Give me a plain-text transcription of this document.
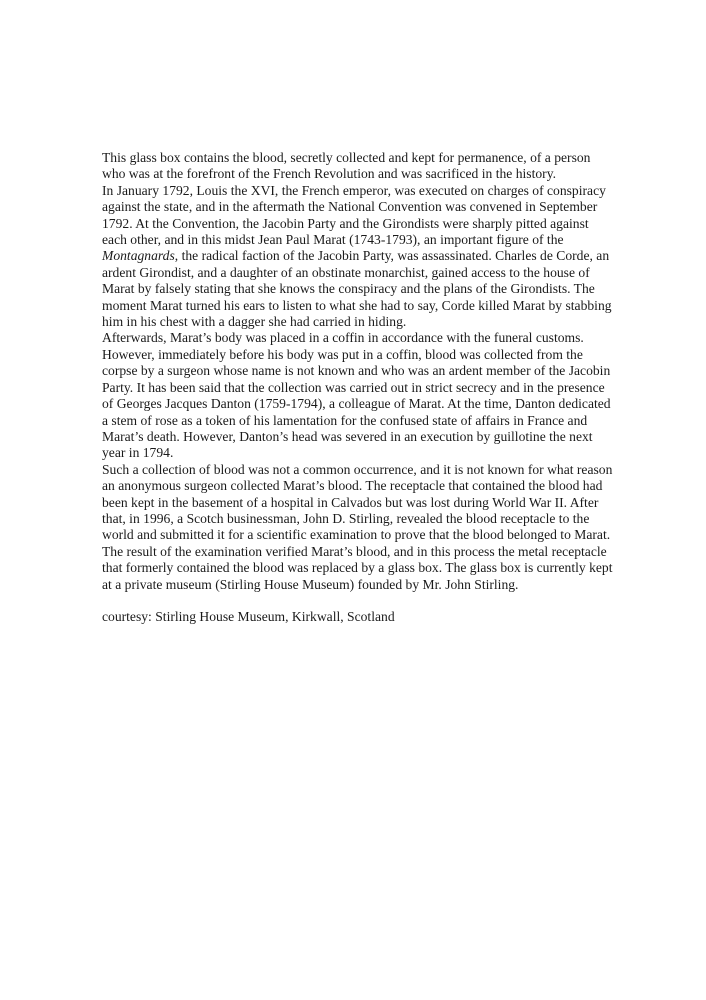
This glass box contains the blood, secretly collected and kept for permanence, of a person who was at the forefront of the French Revolution and was sacrificed in the history.

In January 1792, Louis the XVI, the French emperor, was executed on charges of conspiracy against the state, and in the aftermath the National Convention was convened in September 1792. At the Convention, the Jacobin Party and the Girondists were sharply pitted against each other, and in this midst Jean Paul Marat (1743-1793), an important figure of the Montagnards, the radical faction of the Jacobin Party, was assassinated. Charles de Corde, an ardent Girondist, and a daughter of an obstinate monarchist, gained access to the house of Marat by falsely stating that she knows the conspiracy and the plans of the Girondists. The moment Marat turned his ears to listen to what she had to say, Corde killed Marat by stabbing him in his chest with a dagger she had carried in hiding.

Afterwards, Marat’s body was placed in a coffin in accordance with the funeral customs. However, immediately before his body was put in a coffin, blood was collected from the corpse by a surgeon whose name is not known and who was an ardent member of the Jacobin Party. It has been said that the collection was carried out in strict secrecy and in the presence of Georges Jacques Danton (1759-1794), a colleague of Marat. At the time, Danton dedicated a stem of rose as a token of his lamentation for the confused state of affairs in France and Marat’s death. However, Danton’s head was severed in an execution by guillotine the next year in 1794.

Such a collection of blood was not a common occurrence, and it is not known for what reason an anonymous surgeon collected Marat’s blood. The receptacle that contained the blood had been kept in the basement of a hospital in Calvados but was lost during World War II. After that, in 1996, a Scotch businessman, John D. Stirling, revealed the blood receptacle to the world and submitted it for a scientific examination to prove that the blood belonged to Marat. The result of the examination verified Marat’s blood, and in this process the metal receptacle that formerly contained the blood was replaced by a glass box. The glass box is currently kept at a private museum (Stirling House Museum) founded by Mr. John Stirling.

courtesy: Stirling House Museum, Kirkwall, Scotland
